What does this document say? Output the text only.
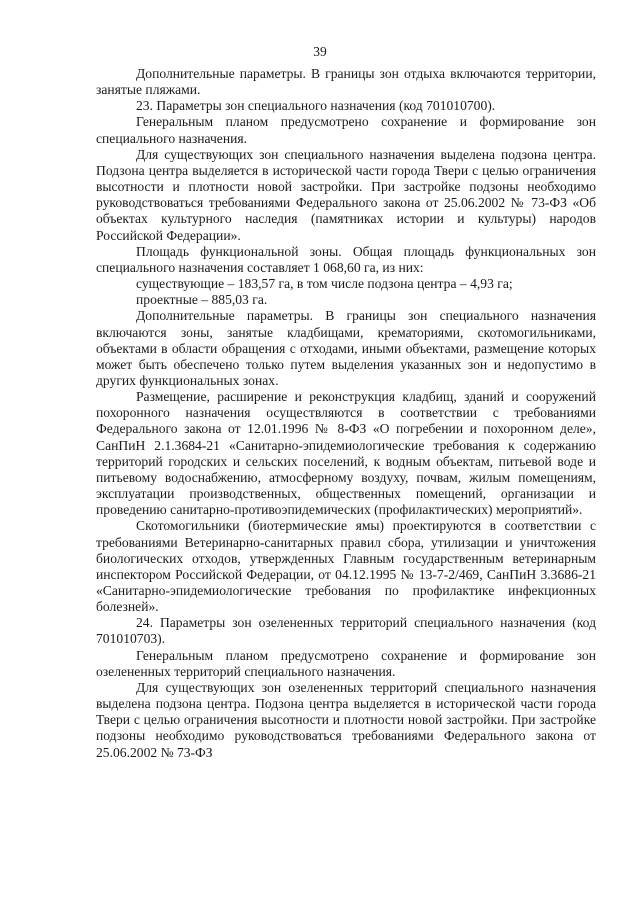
39

Дополнительные параметры. В границы зон отдыха включаются территории, занятые пляжами.

23. Параметры зон специального назначения (код 701010700).

Генеральным планом предусмотрено сохранение и формирование зон специального назначения.

Для существующих зон специального назначения выделена подзона центра. Подзона центра выделяется в исторической части города Твери с целью ограничения высотности и плотности новой застройки. При застройке подзоны необходимо руководствоваться требованиями Федерального закона от 25.06.2002 № 73-ФЗ «Об объектах культурного наследия (памятниках истории и культуры) народов Российской Федерации».

Площадь функциональной зоны. Общая площадь функциональных зон специального назначения составляет 1 068,60 га, из них:

существующие – 183,57 га, в том числе подзона центра – 4,93 га;

проектные – 885,03 га.

Дополнительные параметры. В границы зон специального назначения включаются зоны, занятые кладбищами, крематориями, скотомогильниками, объектами в области обращения с отходами, иными объектами, размещение которых может быть обеспечено только путем выделения указанных зон и недопустимо в других функциональных зонах.

Размещение, расширение и реконструкция кладбищ, зданий и сооружений похоронного назначения осуществляются в соответствии с требованиями Федерального закона от 12.01.1996 № 8-ФЗ «О погребении и похоронном деле», СанПиН 2.1.3684-21 «Санитарно-эпидемиологические требования к содержанию территорий городских и сельских поселений, к водным объектам, питьевой воде и питьевому водоснабжению, атмосферному воздуху, почвам, жилым помещениям, эксплуатации производственных, общественных помещений, организации и проведению санитарно-противоэпидемических (профилактических) мероприятий».

Скотомогильники (биотермические ямы) проектируются в соответствии с требованиями Ветеринарно-санитарных правил сбора, утилизации и уничтожения биологических отходов, утвержденных Главным государственным ветеринарным инспектором Российской Федерации, от 04.12.1995 № 13-7-2/469, СанПиН 3.3686-21 «Санитарно-эпидемиологические требования по профилактике инфекционных болезней».

24. Параметры зон озелененных территорий специального назначения (код 701010703).

Генеральным планом предусмотрено сохранение и формирование зон озелененных территорий специального назначения.

Для существующих зон озелененных территорий специального назначения выделена подзона центра. Подзона центра выделяется в исторической части города Твери с целью ограничения высотности и плотности новой застройки. При застройке подзоны необходимо руководствоваться требованиями Федерального закона от 25.06.2002 № 73-ФЗ
